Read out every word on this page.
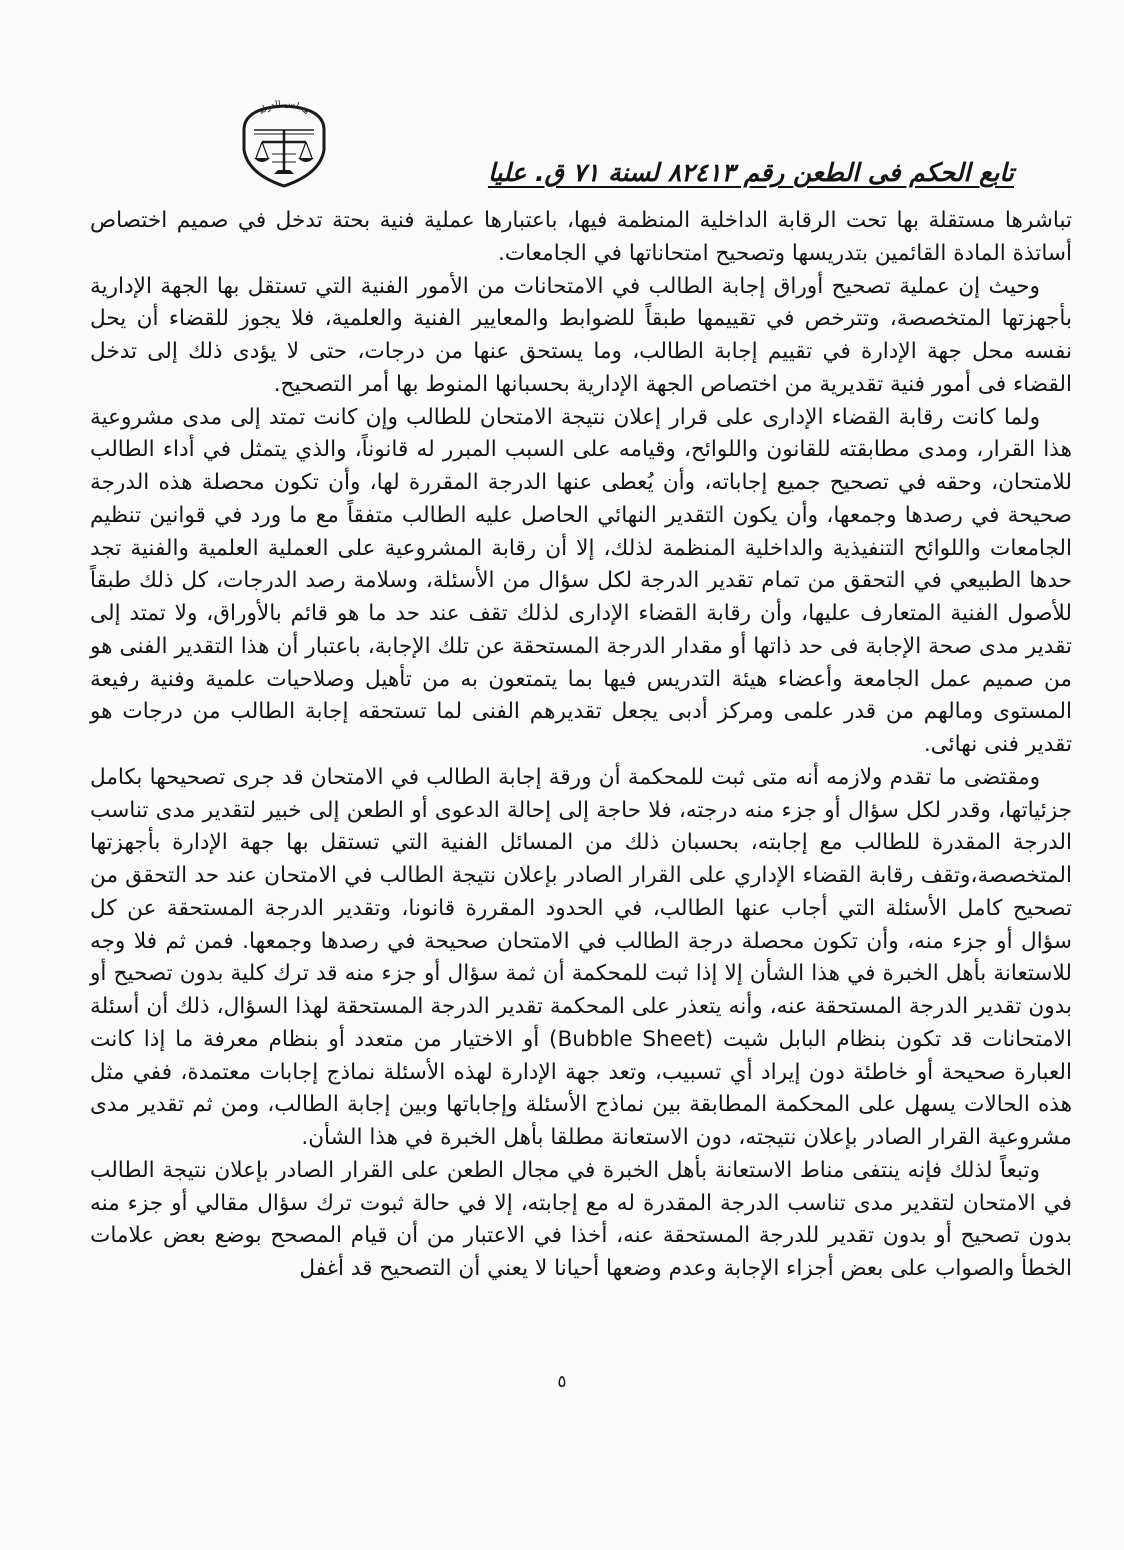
مجلس الدولة
تابع الحكم فى الطعن رقم ٨٢٤١٣ لسنة ٧١ ق. عليا

تباشرها مستقلة بها تحت الرقابة الداخلية المنظمة فيها، باعتبارها عملية فنية بحتة تدخل في صميم اختصاص أساتذة المادة القائمين بتدريسها وتصحيح امتحاناتها في الجامعات.

وحيث إن عملية تصحيح أوراق إجابة الطالب في الامتحانات من الأمور الفنية التي تستقل بها الجهة الإدارية بأجهزتها المتخصصة، وتترخص في تقييمها طبقاً للضوابط والمعايير الفنية والعلمية، فلا يجوز للقضاء أن يحل نفسه محل جهة الإدارة في تقييم إجابة الطالب، وما يستحق عنها من درجات، حتى لا يؤدى ذلك إلى تدخل القضاء فى أمور فنية تقديرية من اختصاص الجهة الإدارية بحسبانها المنوط بها أمر التصحيح.

ولما كانت رقابة القضاء الإدارى على قرار إعلان نتيجة الامتحان للطالب وإن كانت تمتد إلى مدى مشروعية هذا القرار، ومدى مطابقته للقانون واللوائح، وقيامه على السبب المبرر له قانوناً، والذي يتمثل في أداء الطالب للامتحان، وحقه في تصحيح جميع إجاباته، وأن يُعطى عنها الدرجة المقررة لها، وأن تكون محصلة هذه الدرجة صحيحة في رصدها وجمعها، وأن يكون التقدير النهائي الحاصل عليه الطالب متفقاً مع ما ورد في قوانين تنظيم الجامعات واللوائح التنفيذية والداخلية المنظمة لذلك، إلا أن رقابة المشروعية على العملية العلمية والفنية تجد حدها الطبيعي في التحقق من تمام تقدير الدرجة لكل سؤال من الأسئلة، وسلامة رصد الدرجات، كل ذلك طبقاً للأصول الفنية المتعارف عليها، وأن رقابة القضاء الإدارى لذلك تقف عند حد ما هو قائم بالأوراق، ولا تمتد إلى تقدير مدى صحة الإجابة فى حد ذاتها أو مقدار الدرجة المستحقة عن تلك الإجابة، باعتبار أن هذا التقدير الفنى هو من صميم عمل الجامعة وأعضاء هيئة التدريس فيها بما يتمتعون به من تأهيل وصلاحيات علمية وفنية رفيعة المستوى ومالهم من قدر علمى ومركز أدبى يجعل تقديرهم الفنى لما تستحقه إجابة الطالب من درجات هو تقدير فنى نهائى.

ومقتضى ما تقدم ولازمه أنه متى ثبت للمحكمة أن ورقة إجابة الطالب في الامتحان قد جرى تصحيحها بكامل جزئياتها، وقدر لكل سؤال أو جزء منه درجته، فلا حاجة إلى إحالة الدعوى أو الطعن إلى خبير لتقدير مدى تناسب الدرجة المقدرة للطالب مع إجابته، بحسبان ذلك من المسائل الفنية التي تستقل بها جهة الإدارة بأجهزتها المتخصصة،وتقف رقابة القضاء الإداري على القرار الصادر بإعلان نتيجة الطالب في الامتحان عند حد التحقق من تصحيح كامل الأسئلة التي أجاب عنها الطالب، في الحدود المقررة قانونا، وتقدير الدرجة المستحقة عن كل سؤال أو جزء منه، وأن تكون محصلة درجة الطالب في الامتحان صحيحة في رصدها وجمعها. فمن ثم فلا وجه للاستعانة بأهل الخبرة في هذا الشأن إلا إذا ثبت للمحكمة أن ثمة سؤال أو جزء منه قد ترك كلية بدون تصحيح أو بدون تقدير الدرجة المستحقة عنه، وأنه يتعذر على المحكمة تقدير الدرجة المستحقة لهذا السؤال، ذلك أن أسئلة الامتحانات قد تكون بنظام البابل شيت (Bubble Sheet) أو الاختيار من متعدد أو بنظام معرفة ما إذا كانت العبارة صحيحة أو خاطئة دون إيراد أي تسبيب، وتعد جهة الإدارة لهذه الأسئلة نماذج إجابات معتمدة، ففي مثل هذه الحالات يسهل على المحكمة المطابقة بين نماذج الأسئلة وإجاباتها وبين إجابة الطالب، ومن ثم تقدير مدى مشروعية القرار الصادر بإعلان نتيجته، دون الاستعانة مطلقا بأهل الخبرة في هذا الشأن.

وتبعاً لذلك فإنه ينتفى مناط الاستعانة بأهل الخبرة في مجال الطعن على القرار الصادر بإعلان نتيجة الطالب في الامتحان لتقدير مدى تناسب الدرجة المقدرة له مع إجابته، إلا في حالة ثبوت ترك سؤال مقالي أو جزء منه بدون تصحيح أو بدون تقدير للدرجة المستحقة عنه، أخذا في الاعتبار من أن قيام المصحح بوضع بعض علامات الخطأ والصواب على بعض أجزاء الإجابة وعدم وضعها أحيانا لا يعني أن التصحيح قد أغفل

٥
